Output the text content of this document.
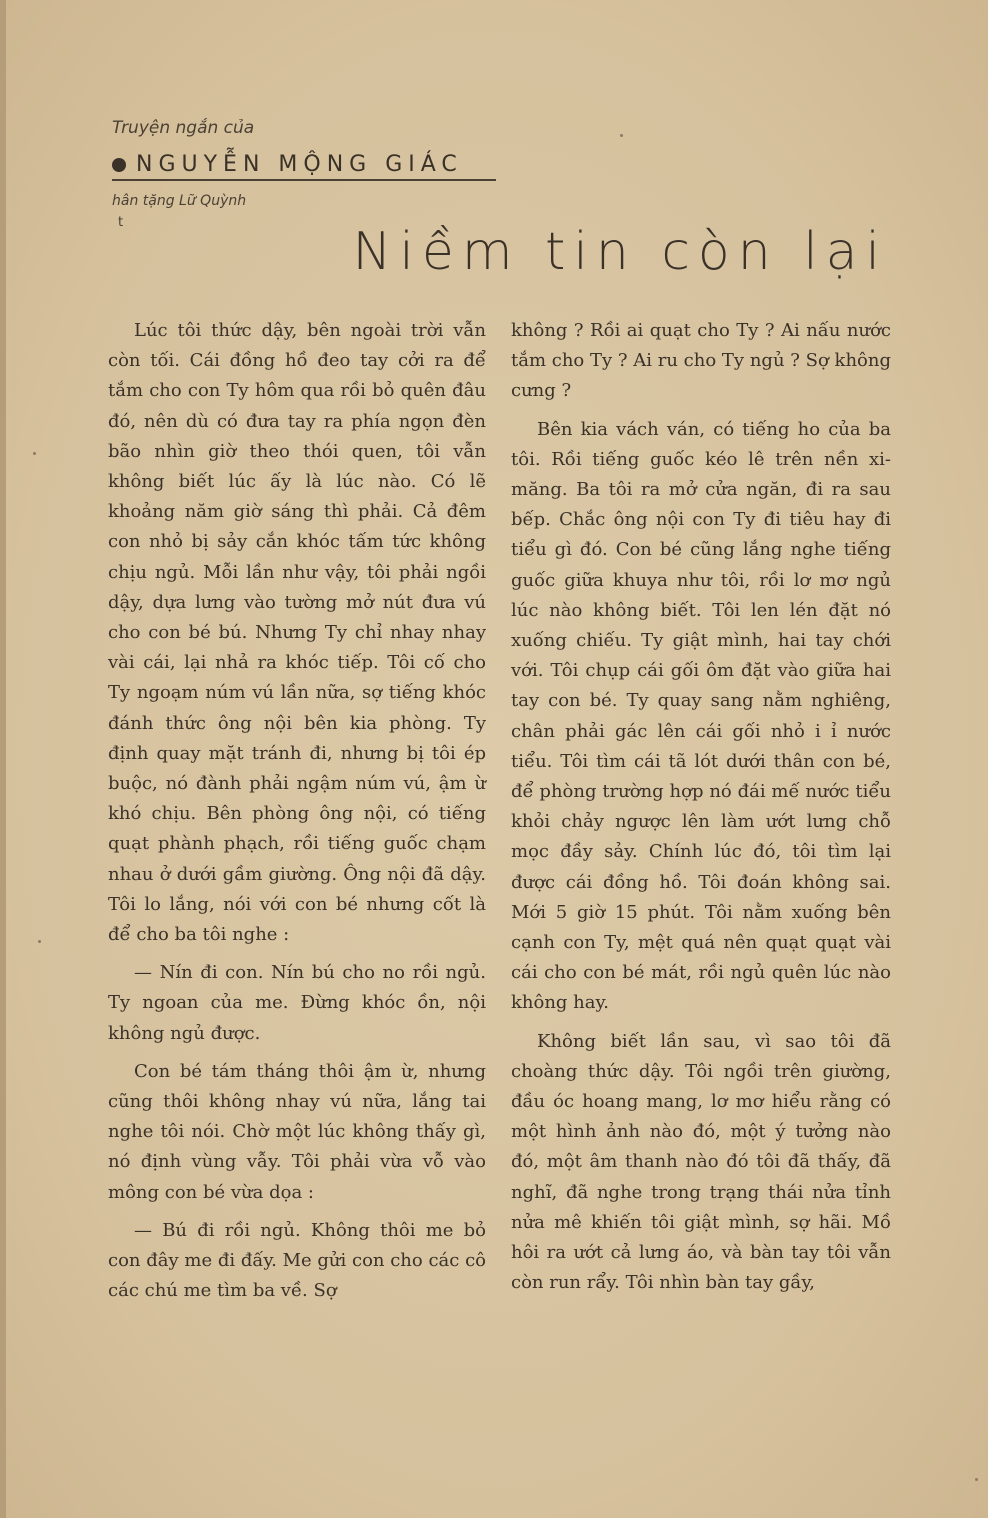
Truyện ngắn của

NGUYỄN MỘNG GIÁC
hân tặng Lữ Quỳnh
t	Niềm tin còn lại

Lúc tôi thức dậy, bên ngoài trời vẫn còn tối. Cái đồng hồ đeo tay cởi ra để tắm cho con Ty hôm qua rồi bỏ quên đâu đó, nên dù có đưa tay ra phía ngọn đèn bão nhìn giờ theo thói quen, tôi vẫn không biết lúc ấy là lúc nào. Có lẽ khoảng năm giờ sáng thì phải. Cả đêm con nhỏ bị sảy cắn khóc tấm tức không chịu ngủ. Mỗi lần như vậy, tôi phải ngồi dậy, dựa lưng vào tường mở nút đưa vú cho con bé bú. Nhưng Ty chỉ nhay nhay vài cái, lại nhả ra khóc tiếp. Tôi cố cho Ty ngoạm núm vú lần nữa, sợ tiếng khóc đánh thức ông nội bên kia phòng. Ty định quay mặt tránh đi, nhưng bị tôi ép buộc, nó đành phải ngậm núm vú, ậm ừ khó chịu. Bên phòng ông nội, có tiếng quạt phành phạch, rồi tiếng guốc chạm nhau ở dưới gầm giường. Ông nội đã dậy. Tôi lo lắng, nói với con bé nhưng cốt là để cho ba tôi nghe :

— Nín đi con. Nín bú cho no rồi ngủ. Ty ngoan của me. Đừng khóc ồn, nội không ngủ được.

Con bé tám tháng thôi ậm ừ, nhưng cũng thôi không nhay vú nữa, lắng tai nghe tôi nói. Chờ một lúc không thấy gì, nó định vùng vẫy. Tôi phải vừa vỗ vào mông con bé vừa dọa :

— Bú đi rồi ngủ. Không thôi me bỏ con đây me đi đấy. Me gửi con cho các cô các chú me tìm ba về. Sợ

không ? Rồi ai quạt cho Ty ? Ai nấu nước tắm cho Ty ? Ai ru cho Ty ngủ ? Sợ không cưng ?

Bên kia vách ván, có tiếng ho của ba tôi. Rồi tiếng guốc kéo lê trên nền xi-măng. Ba tôi ra mở cửa ngăn, đi ra sau bếp. Chắc ông nội con Ty đi tiêu hay đi tiểu gì đó. Con bé cũng lắng nghe tiếng guốc giữa khuya như tôi, rồi lơ mơ ngủ lúc nào không biết. Tôi len lén đặt nó xuống chiếu. Ty giật mình, hai tay chới với. Tôi chụp cái gối ôm đặt vào giữa hai tay con bé. Ty quay sang nằm nghiêng, chân phải gác lên cái gối nhỏ i ỉ nước tiểu. Tôi tìm cái tã lót dưới thân con bé, để phòng trường hợp nó đái mế nước tiểu khỏi chảy ngược lên làm ướt lưng chỗ mọc đầy sảy. Chính lúc đó, tôi tìm lại được cái đồng hồ. Tôi đoán không sai. Mới 5 giờ 15 phút. Tôi nằm xuống bên cạnh con Ty, mệt quá nên quạt quạt vài cái cho con bé mát, rồi ngủ quên lúc nào không hay.

Không biết lần sau, vì sao tôi đã choàng thức dậy. Tôi ngồi trên giường, đầu óc hoang mang, lơ mơ hiểu rằng có một hình ảnh nào đó, một ý tưởng nào đó, một âm thanh nào đó tôi đã thấy, đã nghĩ, đã nghe trong trạng thái nửa tỉnh nửa mê khiến tôi giật mình, sợ hãi. Mồ hôi ra ướt cả lưng áo, và bàn tay tôi vẫn còn run rẩy. Tôi nhìn bàn tay gầy,
